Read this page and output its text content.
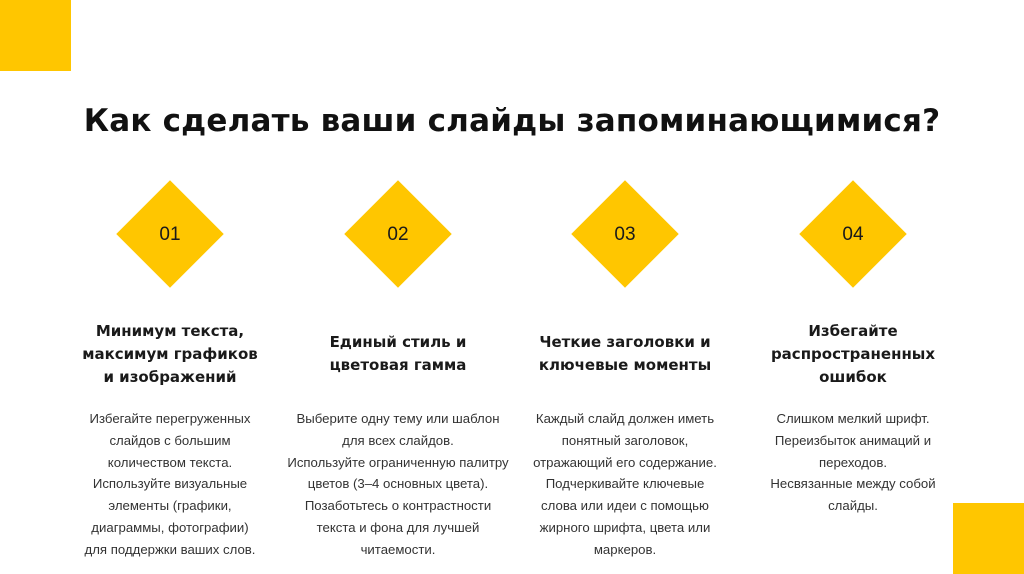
Как сделать ваши слайды запоминающимися?
01
Минимум текста,
максимум графиков
и изображений
Избегайте перегруженных
слайдов с большим
количеством текста.
Используйте визуальные
элементы (графики,
диаграммы, фотографии)
для поддержки ваших слов.
02
Единый стиль и
цветовая гамма
Выберите одну тему или шаблон
для всех слайдов.
Используйте ограниченную палитру
цветов (3–4 основных цвета).
Позаботьтесь о контрастности
текста и фона для лучшей
читаемости.
03
Четкие заголовки и
ключевые моменты
Каждый слайд должен иметь
понятный заголовок,
отражающий его содержание.
Подчеркивайте ключевые
слова или идеи с помощью
жирного шрифта, цвета или
маркеров.
04
Избегайте
распространенных
ошибок
Слишком мелкий шрифт.
Переизбыток анимаций и
переходов.
Несвязанные между собой
слайды.
